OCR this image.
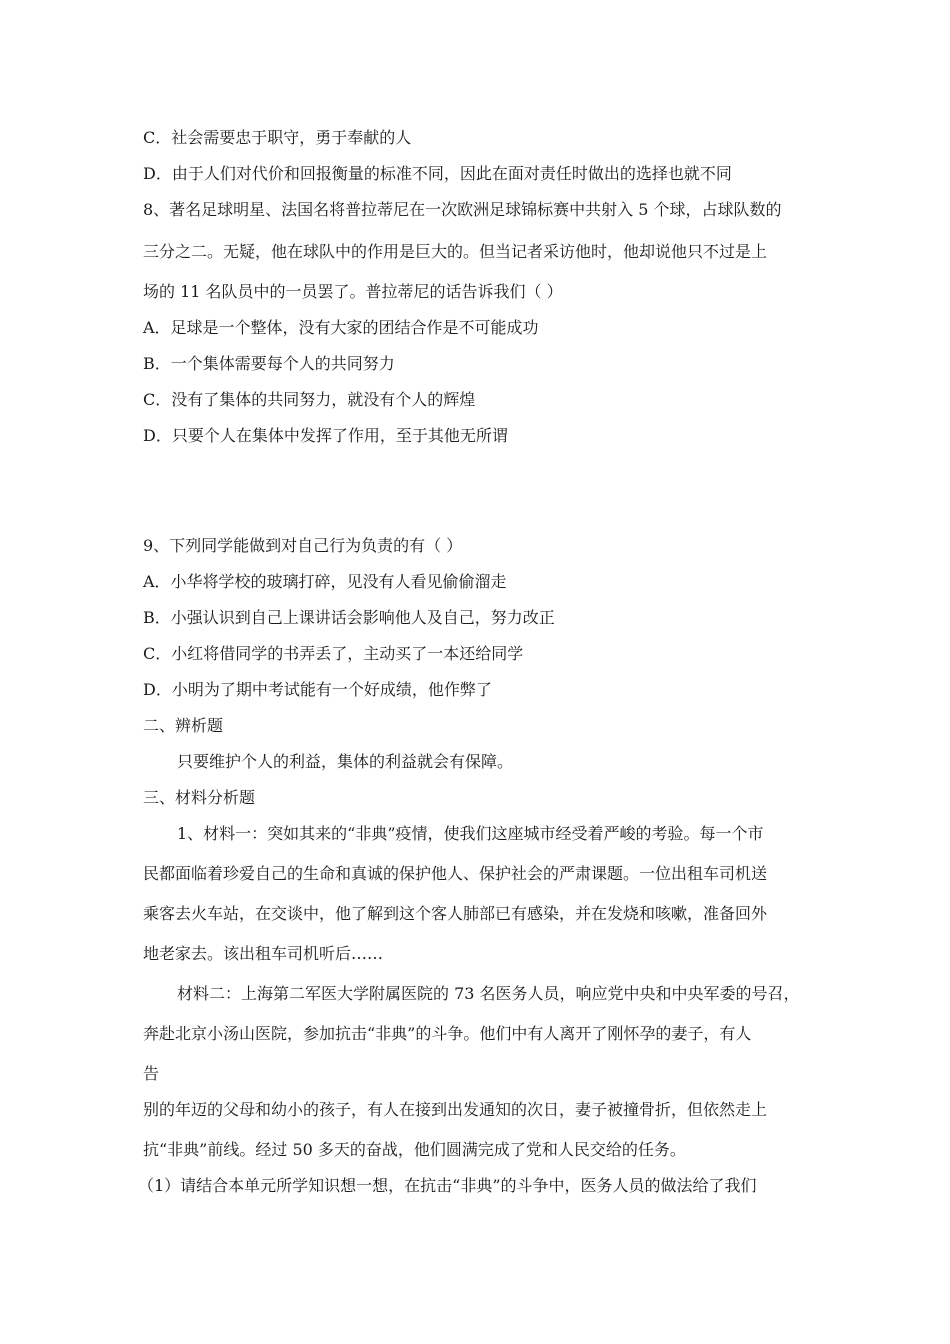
C．社会需要忠于职守，勇于奉献的人
D．由于人们对代价和回报衡量的标准不同，因此在面对责任时做出的选择也就不同
8、著名足球明星、法国名将普拉蒂尼在一次欧洲足球锦标赛中共射入 5 个球，占球队数的
三分之二。无疑，他在球队中的作用是巨大的。但当记者采访他时，他却说他只不过是上
场的 11 名队员中的一员罢了。普拉蒂尼的话告诉我们（ ）
A．足球是一个整体，没有大家的团结合作是不可能成功
B．一个集体需要每个人的共同努力
C．没有了集体的共同努力，就没有个人的辉煌
D．只要个人在集体中发挥了作用，至于其他无所谓
9、下列同学能做到对自己行为负责的有（ ）
A．小华将学校的玻璃打碎，见没有人看见偷偷溜走
B．小强认识到自己上课讲话会影响他人及自己，努力改正
C．小红将借同学的书弄丢了，主动买了一本还给同学
D．小明为了期中考试能有一个好成绩，他作弊了
二、辨析题
只要维护个人的利益，集体的利益就会有保障。
三、材料分析题
1、材料一：突如其来的“非典”疫情，使我们这座城市经受着严峻的考验。每一个市
民都面临着珍爱自己的生命和真诚的保护他人、保护社会的严肃课题。一位出租车司机送
乘客去火车站，在交谈中，他了解到这个客人肺部已有感染，并在发烧和咳嗽，准备回外
地老家去。该出租车司机听后……
材料二：上海第二军医大学附属医院的 73 名医务人员，响应党中央和中央军委的号召，
奔赴北京小汤山医院，参加抗击“非典”的斗争。他们中有人离开了刚怀孕的妻子，有人
告
别的年迈的父母和幼小的孩子，有人在接到出发通知的次日，妻子被撞骨折，但依然走上
抗“非典”前线。经过 50 多天的奋战，他们圆满完成了党和人民交给的任务。
（1）请结合本单元所学知识想一想，在抗击“非典”的斗争中，医务人员的做法给了我们
